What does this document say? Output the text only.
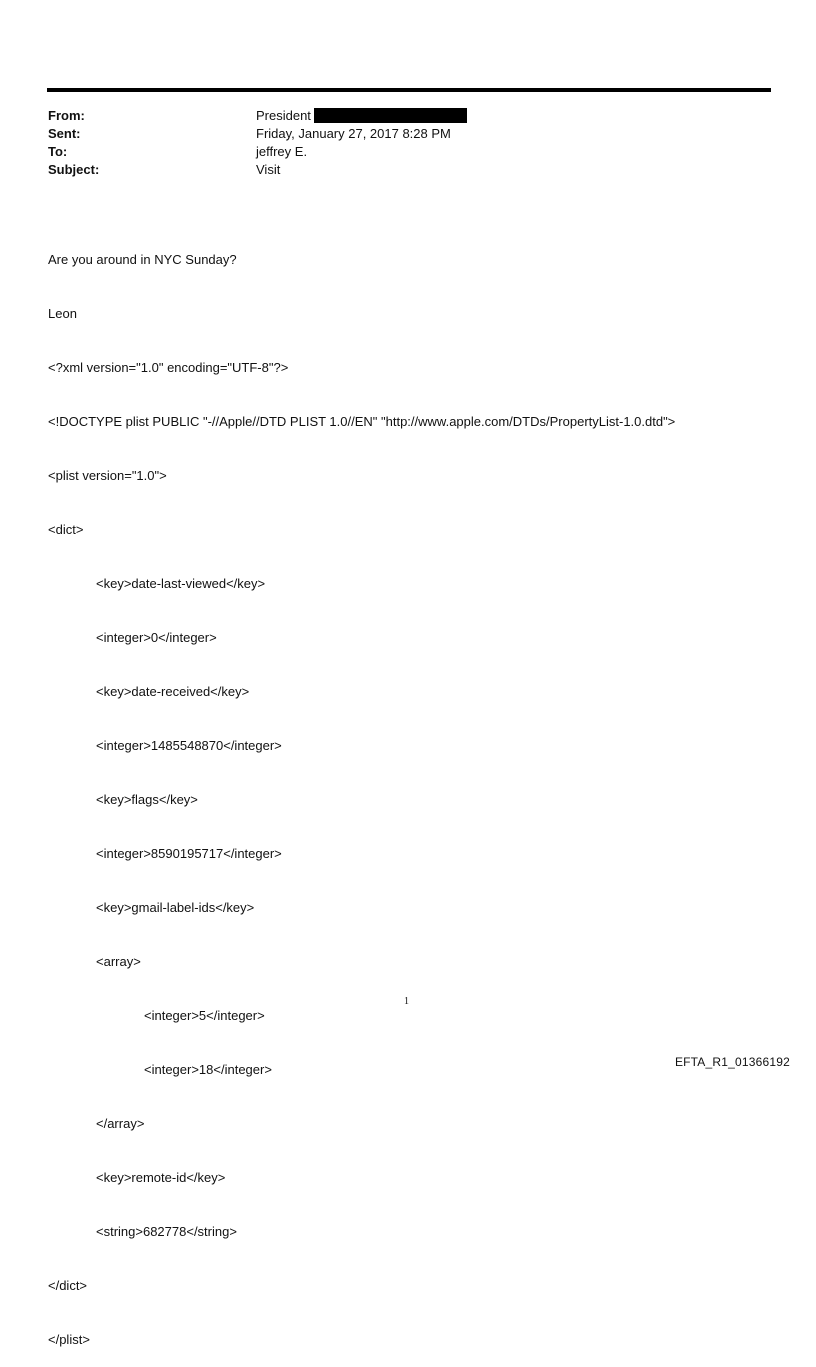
From:	President
Sent:	Friday, January 27, 2017 8:28 PM
To:	jeffrey E.
Subject:	Visit

Are you around in NYC Sunday?

Leon

<?xml version="1.0" encoding="UTF-8"?>

<!DOCTYPE plist PUBLIC "-//Apple//DTD PLIST 1.0//EN" "http://www.apple.com/DTDs/PropertyList-1.0.dtd">

<plist version="1.0">

<dict>

<key>date-last-viewed</key>

<integer>0</integer>

<key>date-received</key>

<integer>1485548870</integer>

<key>flags</key>

<integer>8590195717</integer>

<key>gmail-label-ids</key>

<array>

<integer>5</integer>

<integer>18</integer>

</array>

<key>remote-id</key>

<string>682778</string>

</dict>

</plist>

1
EFTA_R1_01366192
